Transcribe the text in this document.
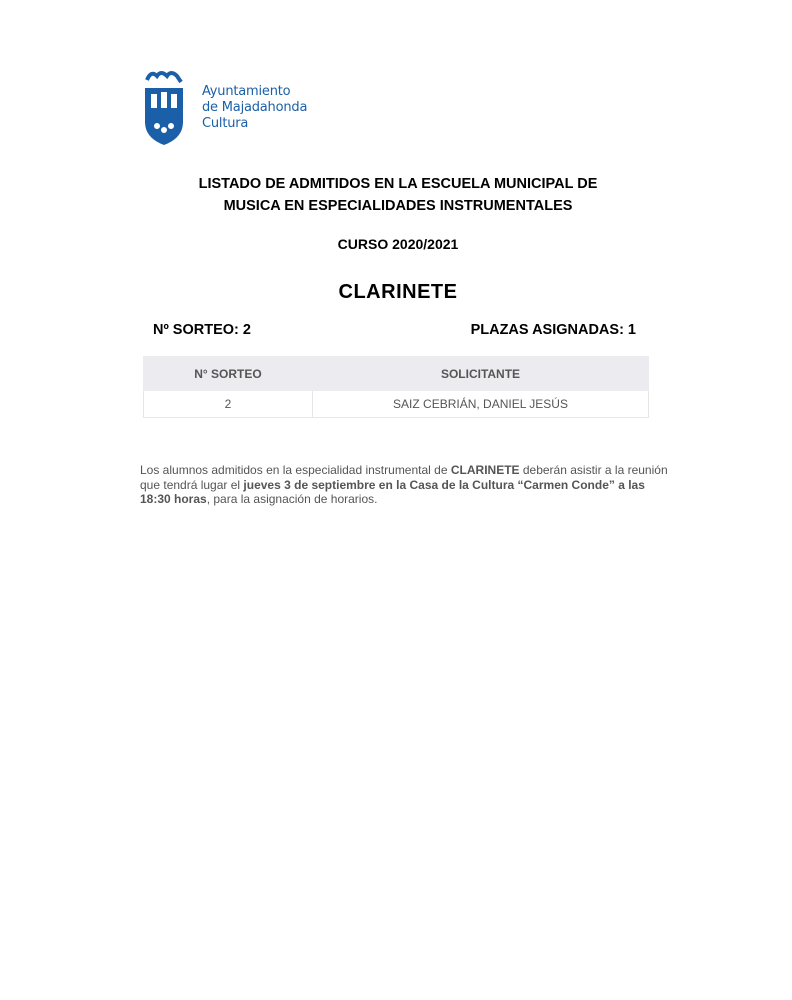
Ayuntamiento
de Majadahonda
Cultura
LISTADO DE ADMITIDOS EN LA ESCUELA MUNICIPAL DE
MUSICA EN ESPECIALIDADES INSTRUMENTALES
CURSO 2020/2021
CLARINETE
Nº SORTEO: 2	PLAZAS ASIGNADAS: 1
N° SORTEO	SOLICITANTE
2	SAIZ CEBRIÁN, DANIEL JESÚS
Los alumnos admitidos en la especialidad instrumental de CLARINETE deberán asistir a la reunión que tendrá lugar el jueves 3 de septiembre en la Casa de la Cultura “Carmen Conde” a las 18:30 horas, para la asignación de horarios.
